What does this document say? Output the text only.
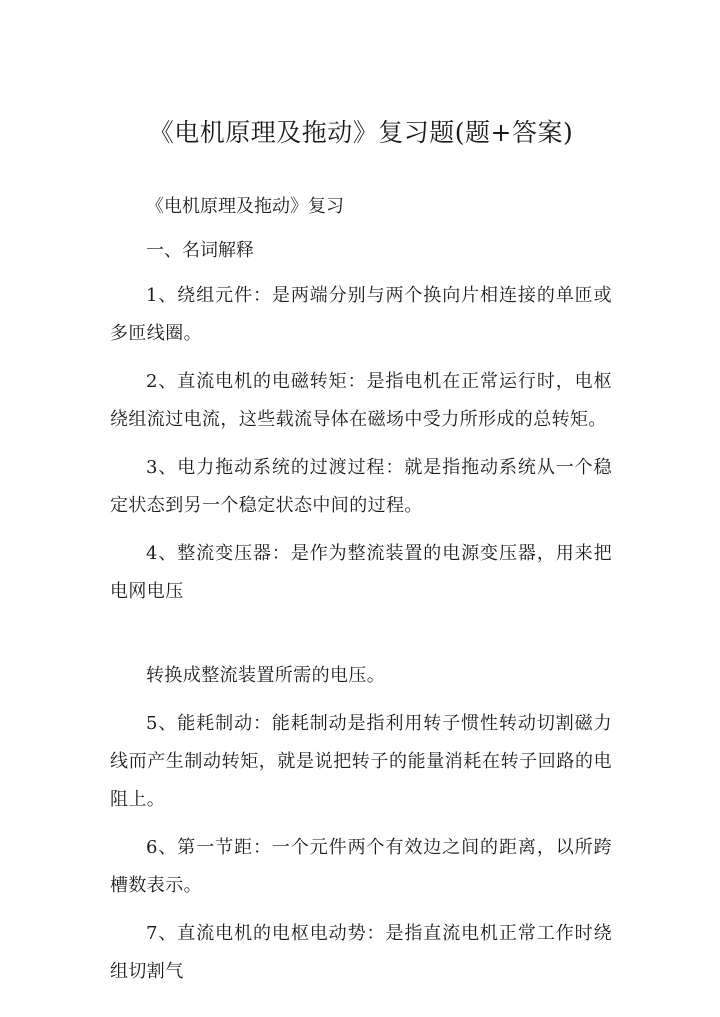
《电机原理及拖动》复习题(题+答案)

《电机原理及拖动》复习

一、名词解释

1、绕组元件：是两端分别与两个换向片相连接的单匝或多匝线圈。

2、直流电机的电磁转矩：是指电机在正常运行时，电枢绕组流过电流，这些载流导体在磁场中受力所形成的总转矩。

3、电力拖动系统的过渡过程：就是指拖动系统从一个稳定状态到另一个稳定状态中间的过程。

4、整流变压器：是作为整流装置的电源变压器，用来把电网电压

转换成整流装置所需的电压。

5、能耗制动：能耗制动是指利用转子惯性转动切割磁力线而产生制动转矩，就是说把转子的能量消耗在转子回路的电阻上。

6、第一节距：一个元件两个有效边之间的距离，以所跨槽数表示。

7、直流电机的电枢电动势：是指直流电机正常工作时绕组切割气
